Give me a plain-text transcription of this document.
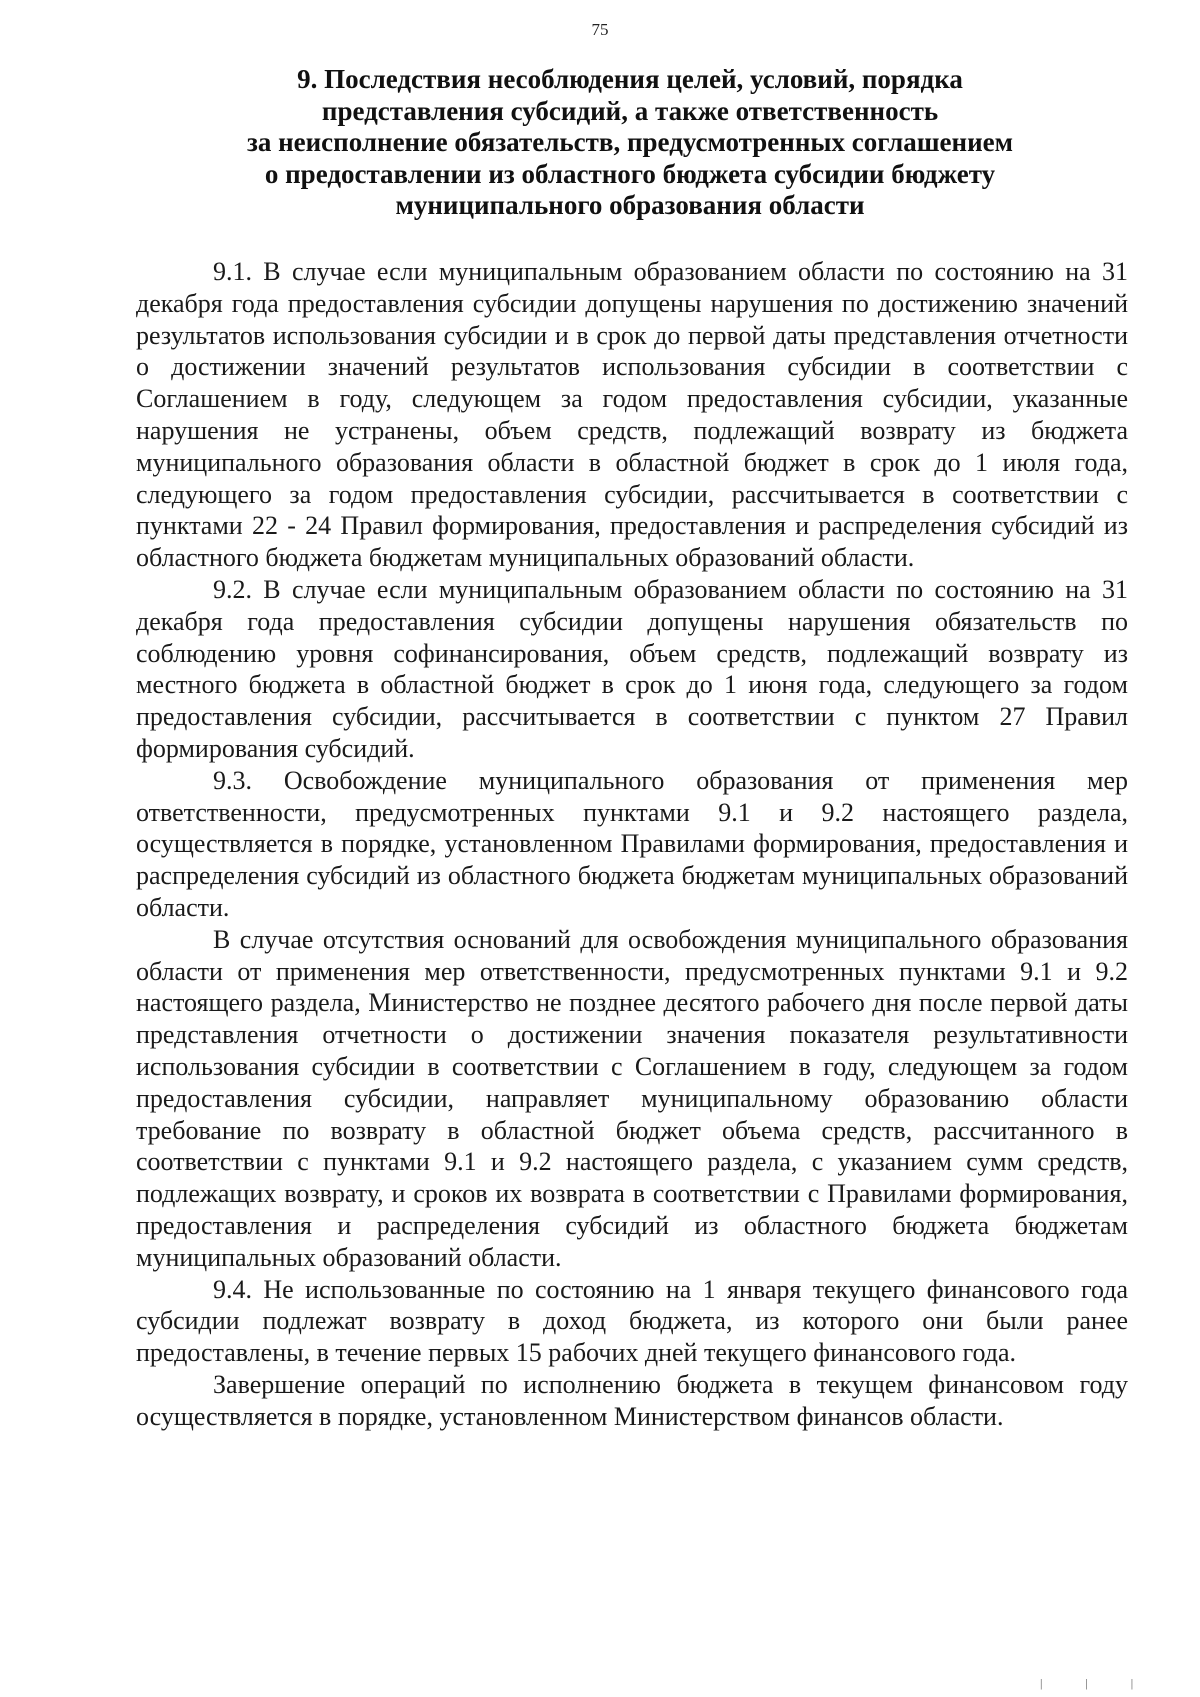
75
9. Последствия несоблюдения целей, условий, порядка
представления субсидий, а также ответственность
за неисполнение обязательств, предусмотренных соглашением
о предоставлении из областного бюджета субсидии бюджету
муниципального образования области

9.1. В случае если муниципальным образованием области по состоянию на 31 декабря года предоставления субсидии допущены нарушения по достижению значений результатов использования субсидии и в срок до первой даты представления отчетности о достижении значений результатов использования субсидии в соответствии с Соглашением в году, следующем за годом предоставления субсидии, указанные нарушения не устранены, объем средств, подлежащий возврату из бюджета муниципального образования области в областной бюджет в срок до 1 июля года, следующего за годом предоставления субсидии, рассчитывается в соответствии с пунктами 22 - 24 Правил формирования, предоставления и распределения субсидий из областного бюджета бюджетам муниципальных образований области.

9.2. В случае если муниципальным образованием области по состоянию на 31 декабря года предоставления субсидии допущены нарушения обязательств по соблюдению уровня софинансирования, объем средств, подлежащий возврату из местного бюджета в областной бюджет в срок до 1 июня года, следующего за годом предоставления субсидии, рассчитывается в соответствии с пунктом 27 Правил формирования субсидий.

9.3. Освобождение муниципального образования от применения мер ответственности, предусмотренных пунктами 9.1 и 9.2 настоящего раздела, осуществляется в порядке, установленном Правилами формирования, предоставления и распределения субсидий из областного бюджета бюджетам муниципальных образований области.

В случае отсутствия оснований для освобождения муниципального образования области от применения мер ответственности, предусмотренных пунктами 9.1 и 9.2 настоящего раздела, Министерство не позднее десятого рабочего дня после первой даты представления отчетности о достижении значения показателя результативности использования субсидии в соответствии с Соглашением в году, следующем за годом предоставления субсидии, направляет муниципальному образованию области требование по возврату в областной бюджет объема средств, рассчитанного в соответствии с пунктами 9.1 и 9.2 настоящего раздела, с указанием сумм средств, подлежащих возврату, и сроков их возврата в соответствии с Правилами формирования, предоставления и распределения субсидий из областного бюджета бюджетам муниципальных образований области.

9.4. Не использованные по состоянию на 1 января текущего финансового года субсидии подлежат возврату в доход бюджета, из которого они были ранее предоставлены, в течение первых 15 рабочих дней текущего финансового года.

Завершение операций по исполнению бюджета в текущем финансовом году осуществляется в порядке, установленном Министерством финансов области.

| | |
